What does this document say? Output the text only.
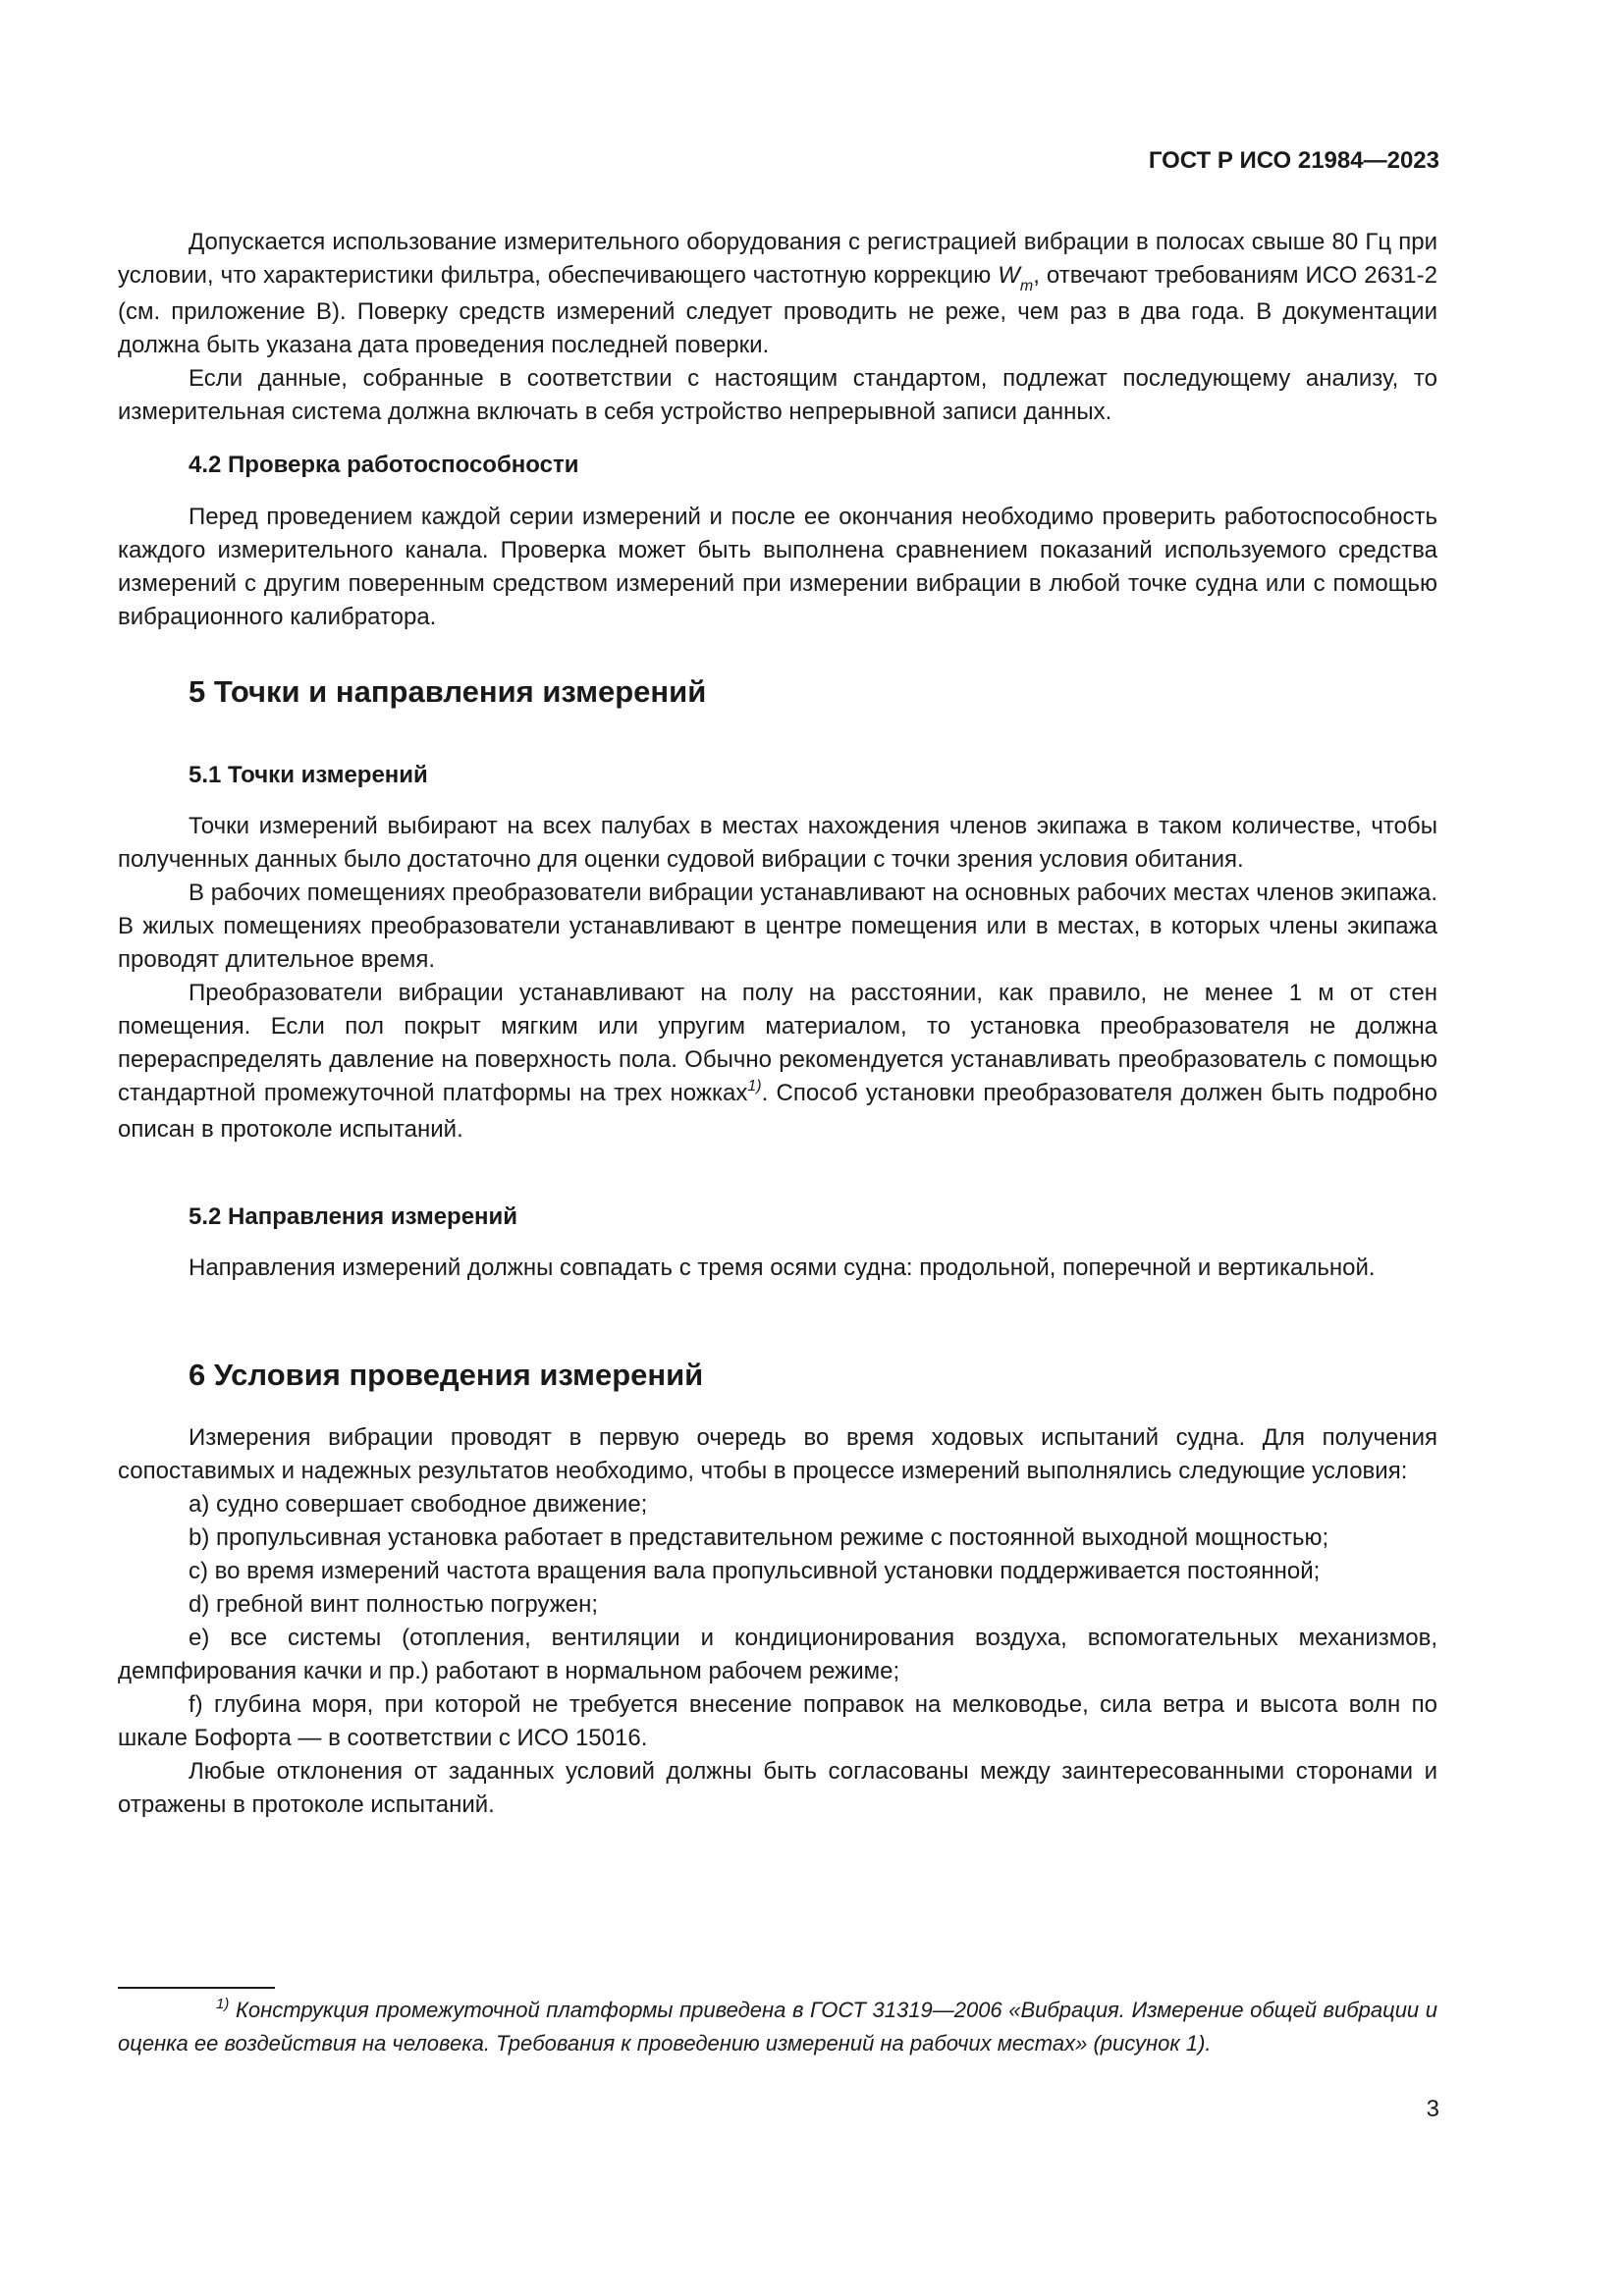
ГОСТ Р ИСО 21984—2023

Допускается использование измерительного оборудования с регистрацией вибрации в полосах свыше 80 Гц при условии, что характеристики фильтра, обеспечивающего частотную коррекцию $W_m$, отвечают требованиям ИСО 2631-2 (см. приложение В). Поверку средств измерений следует проводить не реже, чем раз в два года. В документации должна быть указана дата проведения последней поверки.

Если данные, собранные в соответствии с настоящим стандартом, подлежат последующему анализу, то измерительная система должна включать в себя устройство непрерывной записи данных.

4.2 Проверка работоспособности

Перед проведением каждой серии измерений и после ее окончания необходимо проверить работоспособность каждого измерительного канала. Проверка может быть выполнена сравнением показаний используемого средства измерений с другим поверенным средством измерений при измерении вибрации в любой точке судна или с помощью вибрационного калибратора.

5 Точки и направления измерений
5.1 Точки измерений

Точки измерений выбирают на всех палубах в местах нахождения членов экипажа в таком количестве, чтобы полученных данных было достаточно для оценки судовой вибрации с точки зрения условия обитания.

В рабочих помещениях преобразователи вибрации устанавливают на основных рабочих местах членов экипажа. В жилых помещениях преобразователи устанавливают в центре помещения или в местах, в которых члены экипажа проводят длительное время.

Преобразователи вибрации устанавливают на полу на расстоянии, как правило, не менее 1 м от стен помещения. Если пол покрыт мягким или упругим материалом, то установка преобразователя не должна перераспределять давление на поверхность пола. Обычно рекомендуется устанавливать преобразователь с помощью стандартной промежуточной платформы на трех ножках$^{1)}$. Способ установки преобразователя должен быть подробно описан в протоколе испытаний.

5.2 Направления измерений

Направления измерений должны совпадать с тремя осями судна: продольной, поперечной и вертикальной.

6 Условия проведения измерений

Измерения вибрации проводят в первую очередь во время ходовых испытаний судна. Для получения сопоставимых и надежных результатов необходимо, чтобы в процессе измерений выполнялись следующие условия:

a) судно совершает свободное движение;

b) пропульсивная установка работает в представительном режиме с постоянной выходной мощностью;

c) во время измерений частота вращения вала пропульсивной установки поддерживается постоянной;

d) гребной винт полностью погружен;

e) все системы (отопления, вентиляции и кондиционирования воздуха, вспомогательных механизмов, демпфирования качки и пр.) работают в нормальном рабочем режиме;

f) глубина моря, при которой не требуется внесение поправок на мелководье, сила ветра и высота волн по шкале Бофорта — в соответствии с ИСО 15016.

Любые отклонения от заданных условий должны быть согласованы между заинтересованными сторонами и отражены в протоколе испытаний.

$^{1)}$ Конструкция промежуточной платформы приведена в ГОСТ 31319—2006 «Вибрация. Измерение общей вибрации и оценка ее воздействия на человека. Требования к проведению измерений на рабочих местах» (рисунок 1).
3
